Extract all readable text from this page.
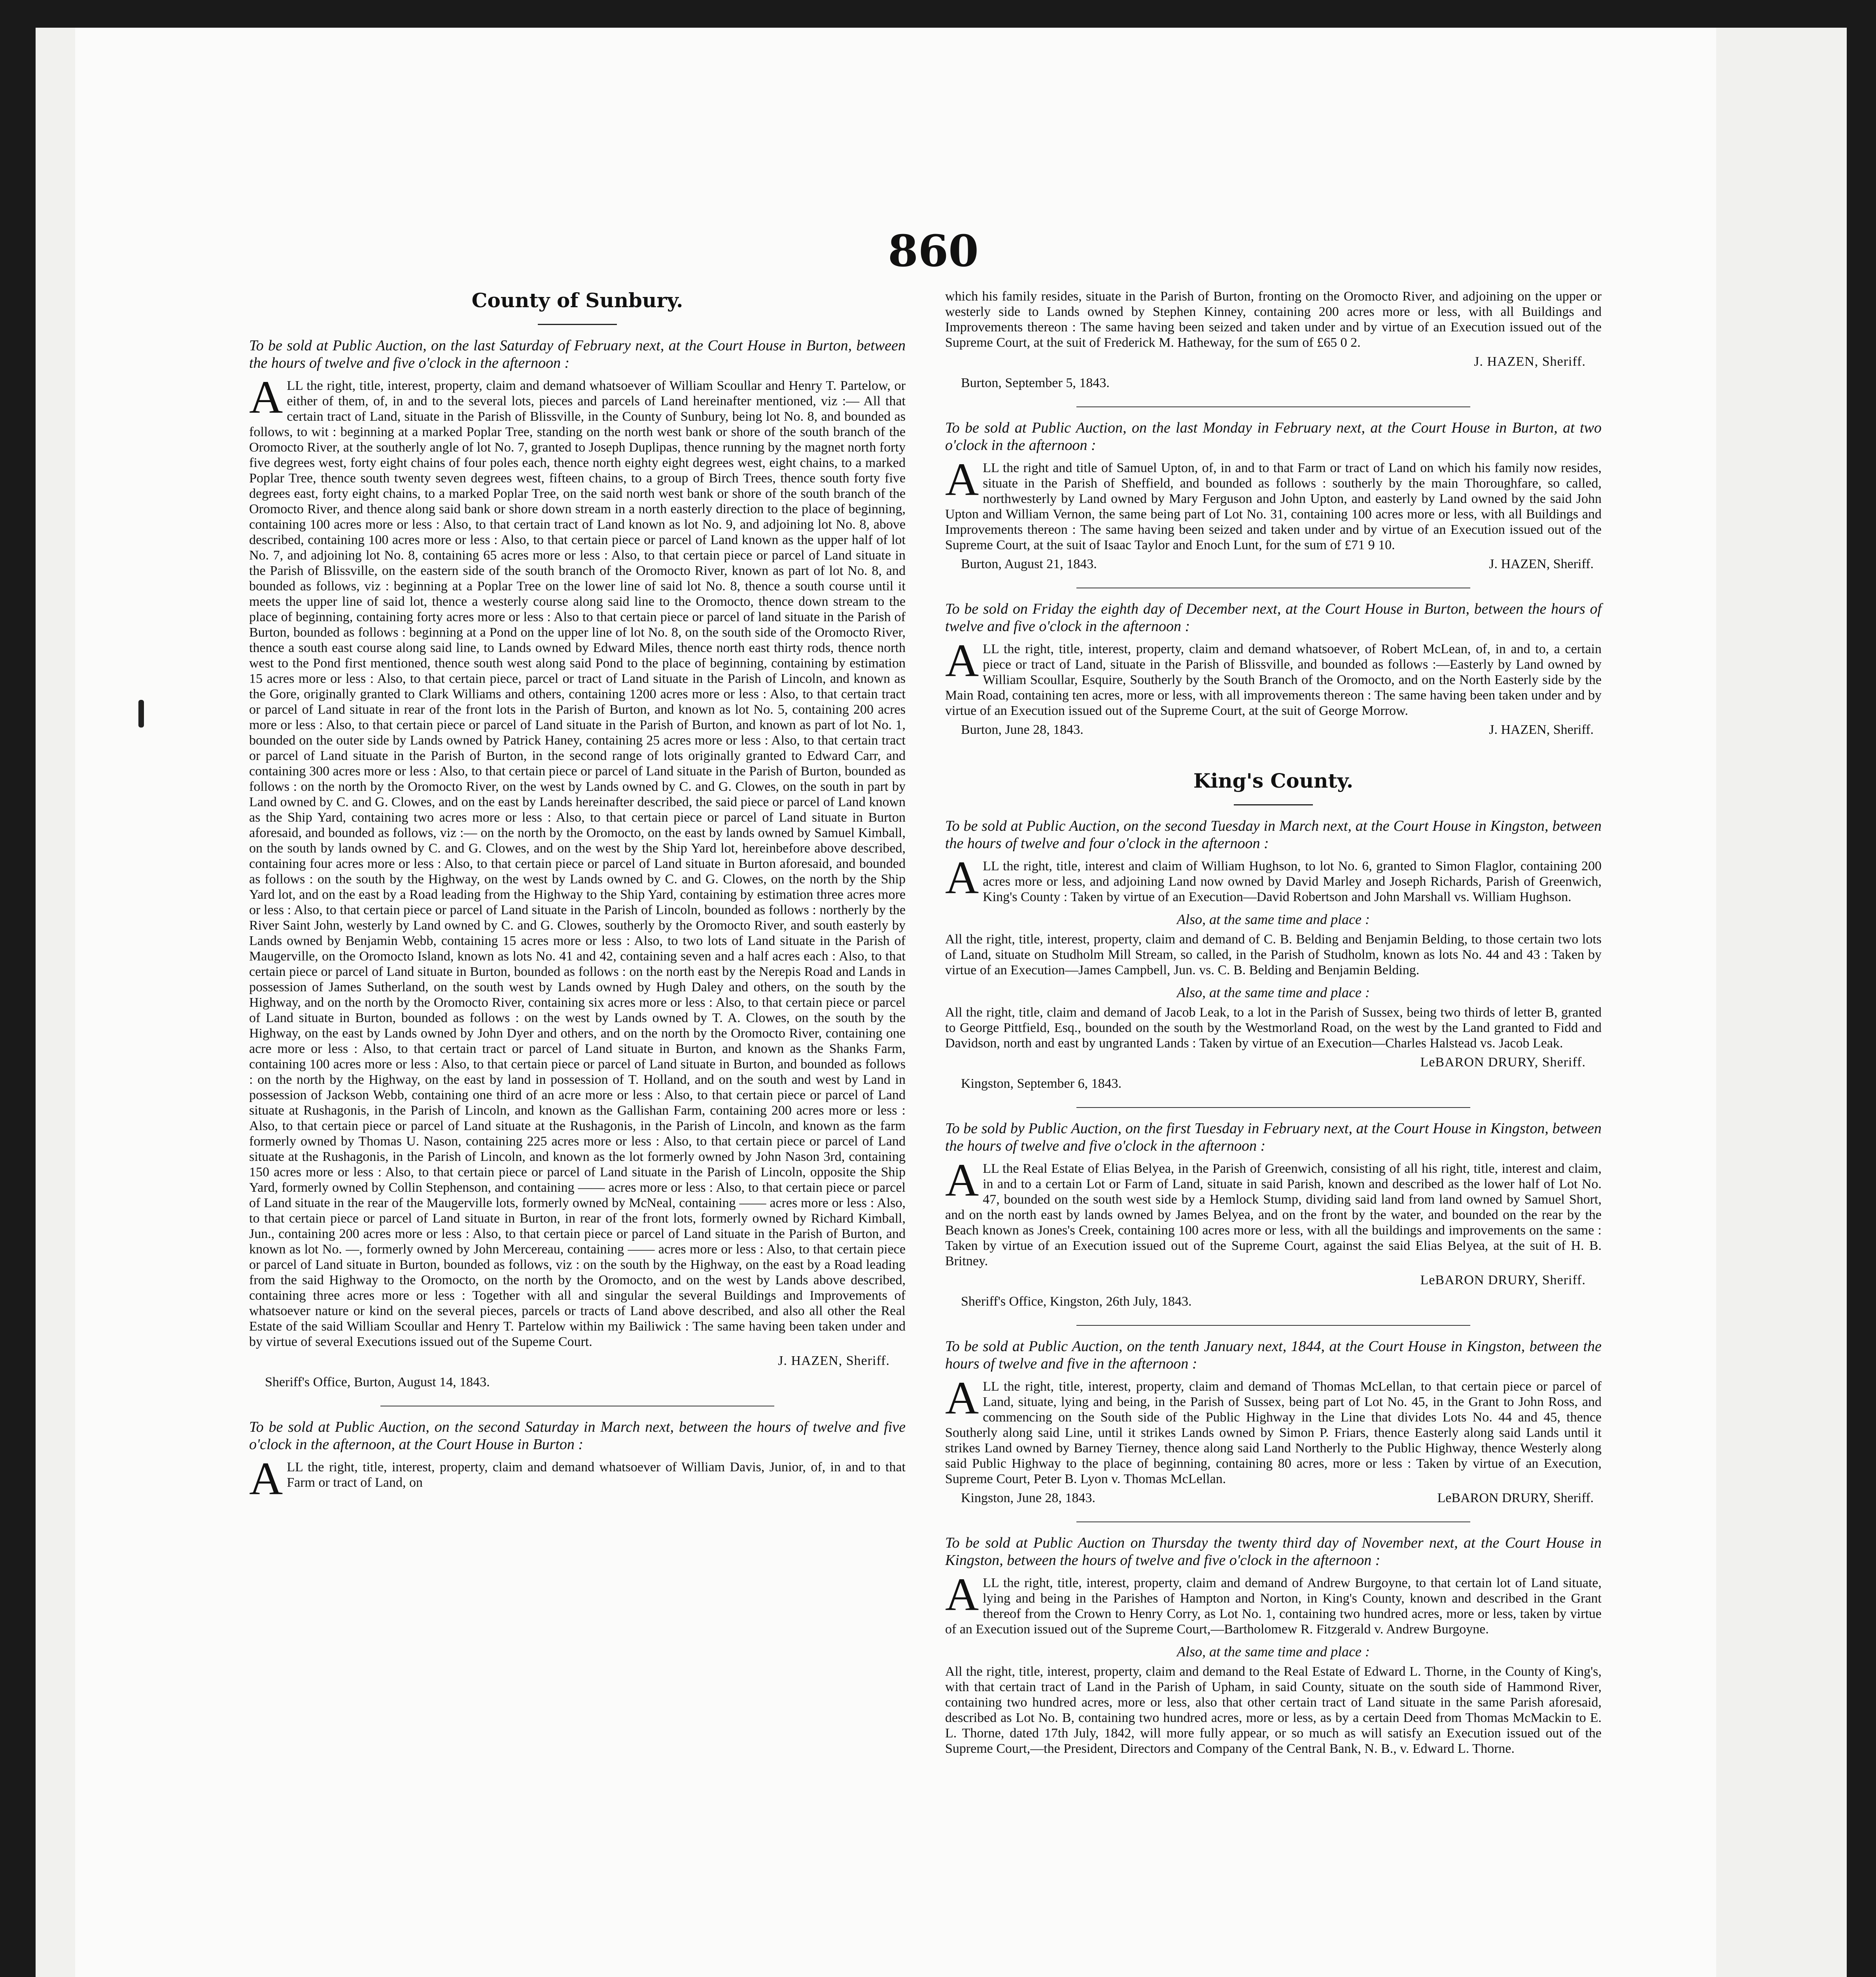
860
County of Sunbury.

To be sold at Public Auction, on the last Saturday of February next, at the Court House in Burton, between the hours of twelve and five o'clock in the afternoon :

ALL the right, title, interest, property, claim and demand whatsoever of William Scoullar and Henry T. Partelow, or either of them, of, in and to the several lots, pieces and parcels of Land hereinafter mentioned, viz :— All that certain tract of Land, situate in the Parish of Blissville, in the County of Sunbury, being lot No. 8, and bounded as follows, to wit : beginning at a marked Poplar Tree, standing on the north west bank or shore of the south branch of the Oromocto River, at the southerly angle of lot No. 7, granted to Joseph Duplipas, thence running by the magnet north forty five degrees west, forty eight chains of four poles each, thence north eighty eight degrees west, eight chains, to a marked Poplar Tree, thence south twenty seven degrees west, fifteen chains, to a group of Birch Trees, thence south forty five degrees east, forty eight chains, to a marked Poplar Tree, on the said north west bank or shore of the south branch of the Oromocto River, and thence along said bank or shore down stream in a north easterly direction to the place of beginning, containing 100 acres more or less : Also, to that certain tract of Land known as lot No. 9, and adjoining lot No. 8, above described, containing 100 acres more or less : Also, to that certain piece or parcel of Land known as the upper half of lot No. 7, and adjoining lot No. 8, containing 65 acres more or less : Also, to that certain piece or parcel of Land situate in the Parish of Blissville, on the eastern side of the south branch of the Oromocto River, known as part of lot No. 8, and bounded as follows, viz : beginning at a Poplar Tree on the lower line of said lot No. 8, thence a south course until it meets the upper line of said lot, thence a westerly course along said line to the Oromocto, thence down stream to the place of beginning, containing forty acres more or less : Also to that certain piece or parcel of land situate in the Parish of Burton, bounded as follows : beginning at a Pond on the upper line of lot No. 8, on the south side of the Oromocto River, thence a south east course along said line, to Lands owned by Edward Miles, thence north east thirty rods, thence north west to the Pond first mentioned, thence south west along said Pond to the place of beginning, containing by estimation 15 acres more or less : Also, to that certain piece, parcel or tract of Land situate in the Parish of Lincoln, and known as the Gore, originally granted to Clark Williams and others, containing 1200 acres more or less : Also, to that certain tract or parcel of Land situate in rear of the front lots in the Parish of Burton, and known as lot No. 5, containing 200 acres more or less : Also, to that certain piece or parcel of Land situate in the Parish of Burton, and known as part of lot No. 1, bounded on the outer side by Lands owned by Patrick Haney, containing 25 acres more or less : Also, to that certain tract or parcel of Land situate in the Parish of Burton, in the second range of lots originally granted to Edward Carr, and containing 300 acres more or less : Also, to that certain piece or parcel of Land situate in the Parish of Burton, bounded as follows : on the north by the Oromocto River, on the west by Lands owned by C. and G. Clowes, on the south in part by Land owned by C. and G. Clowes, and on the east by Lands hereinafter described, the said piece or parcel of Land known as the Ship Yard, containing two acres more or less : Also, to that certain piece or parcel of Land situate in Burton aforesaid, and bounded as follows, viz :— on the north by the Oromocto, on the east by lands owned by Samuel Kimball, on the south by lands owned by C. and G. Clowes, and on the west by the Ship Yard lot, hereinbefore above described, containing four acres more or less : Also, to that certain piece or parcel of Land situate in Burton aforesaid, and bounded as follows : on the south by the Highway, on the west by Lands owned by C. and G. Clowes, on the north by the Ship Yard lot, and on the east by a Road leading from the Highway to the Ship Yard, containing by estimation three acres more or less : Also, to that certain piece or parcel of Land situate in the Parish of Lincoln, bounded as follows : northerly by the River Saint John, westerly by Land owned by C. and G. Clowes, southerly by the Oromocto River, and south easterly by Lands owned by Benjamin Webb, containing 15 acres more or less : Also, to two lots of Land situate in the Parish of Maugerville, on the Oromocto Island, known as lots No. 41 and 42, containing seven and a half acres each : Also, to that certain piece or parcel of Land situate in Burton, bounded as follows : on the north east by the Nerepis Road and Lands in possession of James Sutherland, on the south west by Lands owned by Hugh Daley and others, on the south by the Highway, and on the north by the Oromocto River, containing six acres more or less : Also, to that certain piece or parcel of Land situate in Burton, bounded as follows : on the west by Lands owned by T. A. Clowes, on the south by the Highway, on the east by Lands owned by John Dyer and others, and on the north by the Oromocto River, containing one acre more or less : Also, to that certain tract or parcel of Land situate in Burton, and known as the Shanks Farm, containing 100 acres more or less : Also, to that certain piece or parcel of Land situate in Burton, and bounded as follows : on the north by the Highway, on the east by land in possession of T. Holland, and on the south and west by Land in possession of Jackson Webb, containing one third of an acre more or less : Also, to that certain piece or parcel of Land situate at Rushagonis, in the Parish of Lincoln, and known as the Gallishan Farm, containing 200 acres more or less : Also, to that certain piece or parcel of Land situate at the Rushagonis, in the Parish of Lincoln, and known as the farm formerly owned by Thomas U. Nason, containing 225 acres more or less : Also, to that certain piece or parcel of Land situate at the Rushagonis, in the Parish of Lincoln, and known as the lot formerly owned by John Nason 3rd, containing 150 acres more or less : Also, to that certain piece or parcel of Land situate in the Parish of Lincoln, opposite the Ship Yard, formerly owned by Collin Stephenson, and containing —— acres more or less : Also, to that certain piece or parcel of Land situate in the rear of the Maugerville lots, formerly owned by McNeal, containing —— acres more or less : Also, to that certain piece or parcel of Land situate in Burton, in rear of the front lots, formerly owned by Richard Kimball, Jun., containing 200 acres more or less : Also, to that certain piece or parcel of Land situate in the Parish of Burton, and known as lot No. —, formerly owned by John Mercereau, containing —— acres more or less : Also, to that certain piece or parcel of Land situate in Burton, bounded as follows, viz : on the south by the Highway, on the east by a Road leading from the said Highway to the Oromocto, on the north by the Oromocto, and on the west by Lands above described, containing three acres more or less : Together with all and singular the several Buildings and Improvements of whatsoever nature or kind on the several pieces, parcels or tracts of Land above described, and also all other the Real Estate of the said William Scoullar and Henry T. Partelow within my Bailiwick : The same having been taken under and by virtue of several Executions issued out of the Supeme Court.

J. HAZEN, Sheriff.
Sheriff's Office, Burton, August 14, 1843.

To be sold at Public Auction, on the second Saturday in March next, between the hours of twelve and five o'clock in the afternoon, at the Court House in Burton :

ALL the right, title, interest, property, claim and demand whatsoever of William Davis, Junior, of, in and to that Farm or tract of Land, on

which his family resides, situate in the Parish of Burton, fronting on the Oromocto River, and adjoining on the upper or westerly side to Lands owned by Stephen Kinney, containing 200 acres more or less, with all Buildings and Improvements thereon : The same having been seized and taken under and by virtue of an Execution issued out of the Supreme Court, at the suit of Frederick M. Hatheway, for the sum of £65 0 2.

J. HAZEN, Sheriff.
Burton, September 5, 1843.

To be sold at Public Auction, on the last Monday in February next, at the Court House in Burton, at two o'clock in the afternoon :

ALL the right and title of Samuel Upton, of, in and to that Farm or tract of Land on which his family now resides, situate in the Parish of Sheffield, and bounded as follows : southerly by the main Thoroughfare, so called, northwesterly by Land owned by Mary Ferguson and John Upton, and easterly by Land owned by the said John Upton and William Vernon, the same being part of Lot No. 31, containing 100 acres more or less, with all Buildings and Improvements thereon : The same having been seized and taken under and by virtue of an Execution issued out of the Supreme Court, at the suit of Isaac Taylor and Enoch Lunt, for the sum of £71 9 10.

Burton, August 21, 1843.	J. HAZEN, Sheriff.

To be sold on Friday the eighth day of December next, at the Court House in Burton, between the hours of twelve and five o'clock in the afternoon :

ALL the right, title, interest, property, claim and demand whatsoever, of Robert McLean, of, in and to, a certain piece or tract of Land, situate in the Parish of Blissville, and bounded as follows :—Easterly by Land owned by William Scoullar, Esquire, Southerly by the South Branch of the Oromocto, and on the North Easterly side by the Main Road, containing ten acres, more or less, with all improvements thereon : The same having been taken under and by virtue of an Execution issued out of the Supreme Court, at the suit of George Morrow.

Burton, June 28, 1843.	J. HAZEN, Sheriff.
King's County.

To be sold at Public Auction, on the second Tuesday in March next, at the Court House in Kingston, between the hours of twelve and four o'clock in the afternoon :

ALL the right, title, interest and claim of William Hughson, to lot No. 6, granted to Simon Flaglor, containing 200 acres more or less, and adjoining Land now owned by David Marley and Joseph Richards, Parish of Greenwich, King's County : Taken by virtue of an Execution—David Robertson and John Marshall vs. William Hughson.

Also, at the same time and place :

All the right, title, interest, property, claim and demand of C. B. Belding and Benjamin Belding, to those certain two lots of Land, situate on Studholm Mill Stream, so called, in the Parish of Studholm, known as lots No. 44 and 43 : Taken by virtue of an Execution—James Campbell, Jun. vs. C. B. Belding and Benjamin Belding.

Also, at the same time and place :

All the right, title, claim and demand of Jacob Leak, to a lot in the Parish of Sussex, being two thirds of letter B, granted to George Pittfield, Esq., bounded on the south by the Westmorland Road, on the west by the Land granted to Fidd and Davidson, north and east by ungranted Lands : Taken by virtue of an Execution—Charles Halstead vs. Jacob Leak.

LeBARON DRURY, Sheriff.
Kingston, September 6, 1843.

To be sold by Public Auction, on the first Tuesday in February next, at the Court House in Kingston, between the hours of twelve and five o'clock in the afternoon :

ALL the Real Estate of Elias Belyea, in the Parish of Greenwich, consisting of all his right, title, interest and claim, in and to a certain Lot or Farm of Land, situate in said Parish, known and described as the lower half of Lot No. 47, bounded on the south west side by a Hemlock Stump, dividing said land from land owned by Samuel Short, and on the north east by lands owned by James Belyea, and on the front by the water, and bounded on the rear by the Beach known as Jones's Creek, containing 100 acres more or less, with all the buildings and improvements on the same : Taken by virtue of an Execution issued out of the Supreme Court, against the said Elias Belyea, at the suit of H. B. Britney.

LeBARON DRURY, Sheriff.
Sheriff's Office, Kingston, 26th July, 1843.

To be sold at Public Auction, on the tenth January next, 1844, at the Court House in Kingston, between the hours of twelve and five in the afternoon :

ALL the right, title, interest, property, claim and demand of Thomas McLellan, to that certain piece or parcel of Land, situate, lying and being, in the Parish of Sussex, being part of Lot No. 45, in the Grant to John Ross, and commencing on the South side of the Public Highway in the Line that divides Lots No. 44 and 45, thence Southerly along said Line, until it strikes Lands owned by Simon P. Friars, thence Easterly along said Lands until it strikes Land owned by Barney Tierney, thence along said Land Northerly to the Public Highway, thence Westerly along said Public Highway to the place of beginning, containing 80 acres, more or less : Taken by virtue of an Execution, Supreme Court, Peter B. Lyon v. Thomas McLellan.

Kingston, June 28, 1843.	LeBARON DRURY, Sheriff.

To be sold at Public Auction on Thursday the twenty third day of November next, at the Court House in Kingston, between the hours of twelve and five o'clock in the afternoon :

ALL the right, title, interest, property, claim and demand of Andrew Burgoyne, to that certain lot of Land situate, lying and being in the Parishes of Hampton and Norton, in King's County, known and described in the Grant thereof from the Crown to Henry Corry, as Lot No. 1, containing two hundred acres, more or less, taken by virtue of an Execution issued out of the Supreme Court,—Bartholomew R. Fitzgerald v. Andrew Burgoyne.

Also, at the same time and place :

All the right, title, interest, property, claim and demand to the Real Estate of Edward L. Thorne, in the County of King's, with that certain tract of Land in the Parish of Upham, in said County, situate on the south side of Hammond River, containing two hundred acres, more or less, also that other certain tract of Land situate in the same Parish aforesaid, described as Lot No. B, containing two hundred acres, more or less, as by a certain Deed from Thomas McMackin to E. L. Thorne, dated 17th July, 1842, will more fully appear, or so much as will satisfy an Execution issued out of the Supreme Court,—the President, Directors and Company of the Central Bank, N. B., v. Edward L. Thorne.
